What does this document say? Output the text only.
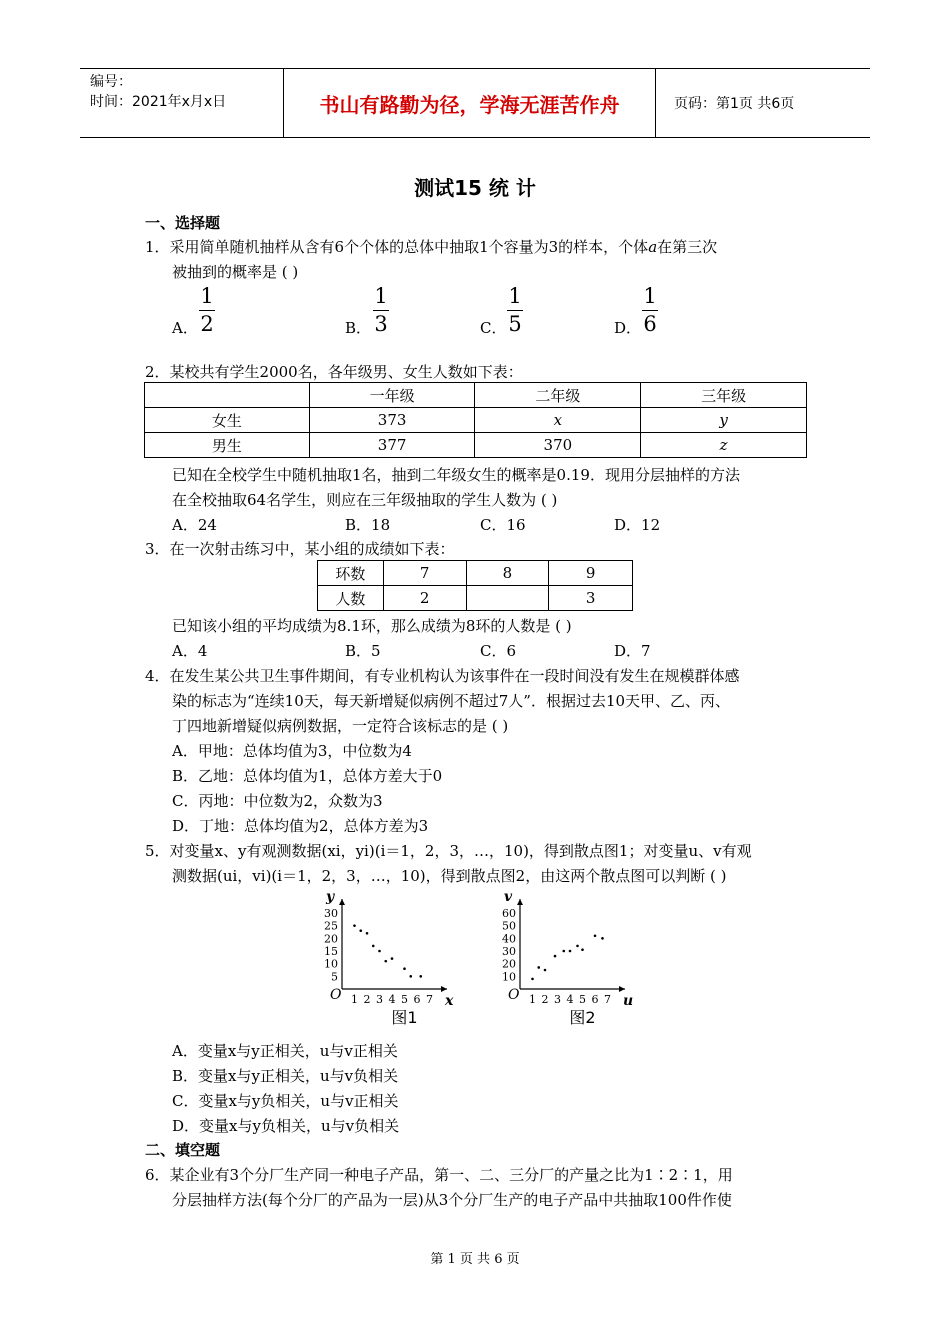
编号：
时间：2021年x月x日	书山有路勤为径，学海无涯苦作舟	页码：第1页 共6页
测试15 统 计
一、选择题
1．采用简单随机抽样从含有6个个体的总体中抽取1个容量为3的样本，个体a在第三次
被抽到的概率是 ( )
A．
1
2	B．
1
3	C．
1
5	D．
1
6
2．某校共有学生2000名，各年级男、女生人数如下表：
	一年级	二年级	三年级
女生	373	x	y
男生	377	370	z
已知在全校学生中随机抽取1名，抽到二年级女生的概率是0.19．现用分层抽样的方法
在全校抽取64名学生，则应在三年级抽取的学生人数为 ( )
A．24	B．18	C．16	D．12
3．在一次射击练习中，某小组的成绩如下表：
环数	7	8	9
人数	2		3
已知该小组的平均成绩为8.1环，那么成绩为8环的人数是 ( )
A．4	B．5	C．6	D．7
4．在发生某公共卫生事件期间，有专业机构认为该事件在一段时间没有发生在规模群体感
染的标志为“连续10天，每天新增疑似病例不超过7人”．根据过去10天甲、乙、丙、
丁四地新增疑似病例数据，一定符合该标志的是 ( )
A．甲地：总体均值为3，中位数为4
B．乙地：总体均值为1，总体方差大于0
C．丙地：中位数为2，众数为3
D．丁地：总体均值为2，总体方差为3
5．对变量x、y有观测数据(xi，yi)(i＝1，2，3，…，10)，得到散点图1；对变量u、v有观
测数据(ui，vi)(i＝1，2，3，…，10)，得到散点图2，由这两个散点图可以判断 ( )
O	x
y
1 2 3 4 5 6 7
5
10
15
20
25
30
图1
O	u
v
1 2 3 4 5 6 7
10
20
30
40
50
60
图2
A．变量x与y正相关，u与v正相关
B．变量x与y正相关，u与v负相关
C．变量x与y负相关，u与v正相关
D．变量x与y负相关，u与v负相关
二、填空题
6．某企业有3个分厂生产同一种电子产品，第一、二、三分厂的产量之比为1∶2∶1，用
分层抽样方法(每个分厂的产品为一层)从3个分厂生产的电子产品中共抽取100件作使
第 1 页 共 6 页
